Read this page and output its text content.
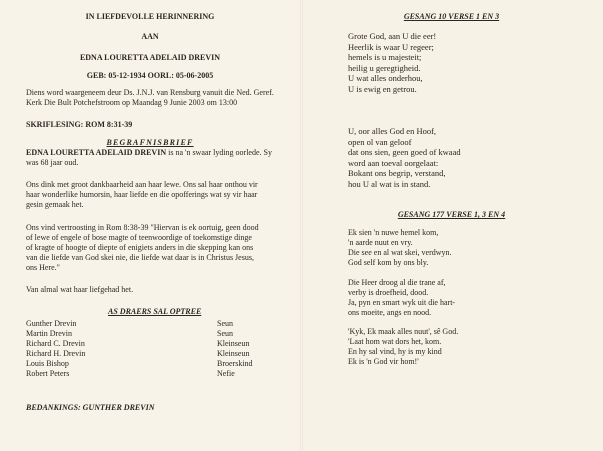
IN LIEFDEVOLLE HERINNERING
AAN
EDNA LOURETTA ADELAID DREVIN
GEB: 05-12-1934 OORL: 05-06-2005
Diens word waargeneem deur Ds. J.N.J. van Rensburg vanuit die Ned. Geref.
Kerk Die Bult Potchefstroom op Maandag 9 Junie 2003 om 13:00
SKRIFLESING: ROM 8:31-39
BEGRAFNISBRIEF
EDNA LOURETTA ADELAID DREVIN is na 'n swaar lyding oorlede. Sy
was 68 jaar oud.
Ons dink met groot dankbaarheid aan haar lewe. Ons sal haar onthou vir
haar wonderlike humorsin, haar liefde en die opofferings wat sy vir haar
gesin gemaak het.
Ons vind vertroosting in Rom 8:38-39 "Hiervan is ek oortuig, geen dood
of lewe of engele of bose magte of teenwoordige of toekomstige dinge
of kragte of hoogte of diepte of enigiets anders in die skepping kan ons
van die liefde van God skei nie, die liefde wat daar is in Christus Jesus,
ons Here."
Van almal wat haar liefgehad het.
AS DRAERS SAL OPTREE
Gunther Drevin	Seun
Martin Drevin	Seun
Richard C. Drevin	Kleinseun
Richard H. Drevin	Kleinseun
Louis Bishop	Broerskind
Robert Peters	Nefie
BEDANKINGS: GUNTHER DREVIN
GESANG 10 VERSE 1 EN 3
Grote God, aan U die eer!
Heerlik is waar U regeer;
hemels is u majesteit;
heilig u geregtigheid.
U wat alles onderhou,
U is ewig en getrou.
U, oor alles God en Hoof,
open ol van geloof
dat ons sien, geen goed of kwaad
word aan toeval oorgelaat:
Bokant ons begrip, verstand,
hou U al wat is in stand.
GESANG 177 VERSE 1, 3 EN 4
Ek sien 'n nuwe hemel kom,
'n aarde nuut en vry.
Die see en al wat skei, verdwyn.
God self kom by ons bly.
Die Heer droog al die trane af,
verby is droefheid, dood.
Ja, pyn en smart wyk uit die hart-
ons moeite, angs en nood.
'Kyk, Ek maak alles nuut', sê God.
'Laat hom wat dors het, kom.
En hy sal vind, hy is my kind
Ek is 'n God vir hom!'
